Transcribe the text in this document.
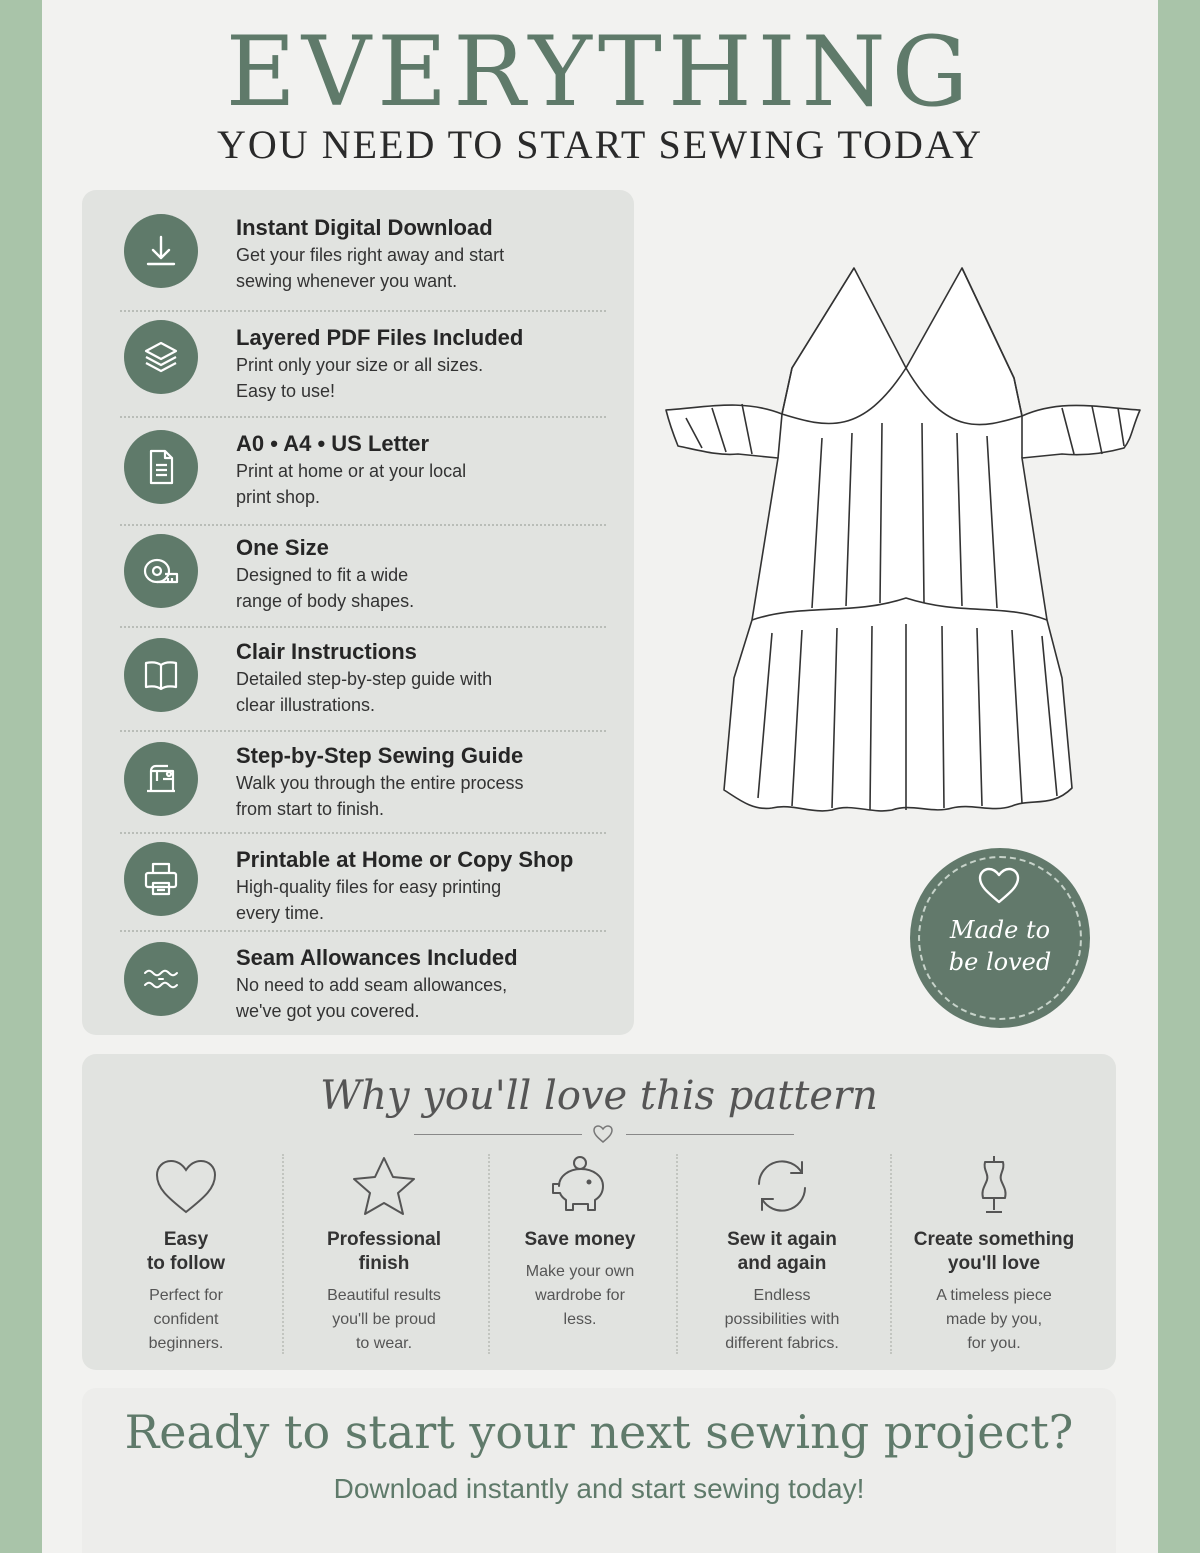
EVERYTHING
YOU NEED TO START SEWING TODAY
Instant Digital Download
Get your files right away and start
sewing whenever you want.
Layered PDF Files Included
Print only your size or all sizes.
Easy to use!
A0 • A4 • US Letter
Print at home or at your local
print shop.
One Size
Designed to fit a wide
range of body shapes.
Clair Instructions
Detailed step-by-step guide with
clear illustrations.
Step-by-Step Sewing Guide
Walk you through the entire process
from start to finish.
Printable at Home or Copy Shop
High-quality files for easy printing
every time.
Seam Allowances Included
No need to add seam allowances,
we've got you covered.
Made to
be loved
Why you'll love this pattern
Easy
to follow
Perfect for
confident
beginners.
Professional
finish
Beautiful results
you'll be proud
to wear.
Save money
Make your own
wardrobe for
less.
Sew it again
and again
Endless
possibilities with
different fabrics.
Create something
you'll love
A timeless piece
made by you,
for you.
Ready to start your next sewing project?
Download instantly and start sewing today!
